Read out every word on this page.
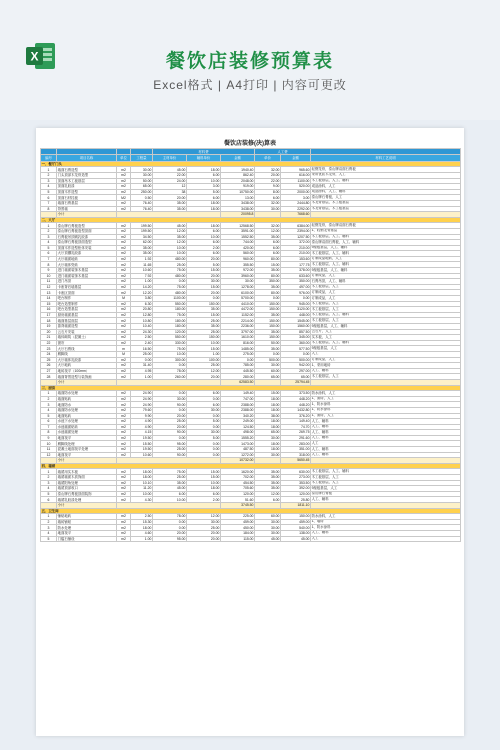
X	餐饮店装修预算表
Excel格式 | A4打印 | 内容可更改
餐饮店装修(决)算表
				材料费			人工费		
编号	项目名称	单位	工程量	主材单价	辅料单价	金额	单价	金额	材料工艺说明
一、餐厅门头									
1	墙面石膏造型	m2	30.00	45.00	18.00	1940.40	32.00	965.60	轻钢龙骨，泰山牌双面石膏板
2	门头顶部木龙骨造型	m2	30.00	22.00	6.00	862.40	20.00	616.00	采用优质木龙骨，人工
3	顶面吊木工板基层	m2	50.00	24.00	10.00	2048.00	22.00	1100.00	木工板基层，人工、辅料
4	顶面乳胶漆	m2	65.00	12	3.00	919.00	9.00	520.00	成品涂料，人工
5	顶面木作造型	m2	250.00	38	5.00	10750.00	8.00	2000.00	成品涂料，人工、辅料
6	顶面石材挂板	M2	0.50	20.00	6.00	13.00	6.00	3.00	泰山牌石膏板，人工
7	墙面石膏基层	m2	76.40	35.00	18.00	3438.00	32.00	2444.80	木龙骨基层，木工板基层
8	背景墙	m2	76.40	35.00	18.00	3438.00	30.00	2292.00	木龙骨基层，木工板基层
	小计					20095.8		7668.60	
二、大厅									
1	泰山牌石膏板造型	m2	199.50	45.00	18.00	12568.50	32.00	6384.00	轻钢龙骨，泰山牌双面石膏板
2	泰山牌石膏板造型顶面	m2	199.50	12.00	6.00	3591.00	12.00	2394.00	1、轻钢龙骨基层
3	石膏板吊顶刷乳胶漆	m2	34.50	35.00	10.00	1552.50	35.00	1207.50	木工板基层，人工、辅料
4	泰山牌石膏板顶面造型	m2	62.00	12.00	6.00	744.00	6.00	372.00	泰山牌双面石膏板，人工、辅料
5	顶面木作造型柜体安装	m2	35.00	10.00	2.00	420.00	6.00	210.00	9厘板基层，人工、辅料
6	大厅顶棚乳胶漆	m2	35.00	10.00	6.00	560.00	6.00	210.00	木工板基层，人工、辅料
7	大厅墙面地砖	m2	1.92	480.00	20.00	960.00	80.00	153.60	订制成品地砖，人工
8	大厅墙体瓷砖	m2	11.65	25.00	5.00	355.50	15.00	177.75	木工板基层，人工、辅料
9	进门墙面装饰木基层	m2	10.60	75.00	15.00	972.00	35.00	378.00	9厘板基层，人工、辅料
10	进门墙面装饰木基层	m2	7.92	480.00	20.00	3960.00	80.00	633.60	订制成品，人工
11	进门吊顶	m2	1.00	0.00	30.00	30.00	350.00	350.00	石膏吊顶，人工、辅料
12	卡座背后墙基层	m2	14.20	75.00	15.00	1278.00	35.00	497.00	木工板基层，人工
13	卡座区顶面	m2	12.20	480.00	20.00	6100.00	80.00	976.00	订制成品，人工
14	吧台制作	M	3.80	1100.00	0.00	5700.00	0.00	0.00	订制成品，人工
15	吧台造型制作	m2	6.30	550.00	150.00	4410.00	150.00	945.00	木工板基层，人工
16	吧台造型基层	m2	20.80	180.00	35.00	4472.00	150.00	3120.00	木工板基层，人工
17	厨房墙面基层	m2	12.80	75.00	15.00	1152.00	35.00	448.00	木工板基层，人工、辅料
18	墙面基层面层	m2	10.80	180.00	25.00	2214.00	150.00	1545.00	木工板基层，人工
19	靠背墙面造型	m2	10.40	180.00	35.00	2236.00	150.00	1560.00	9厘板基层，人工、辅料
20	云石片安装	m2	24.30	120.00	25.00	3797.00	35.00	857.50	云石片，人工
21	墙体砌筑（混凝土）	m2	2.50	550.00	150.00	1610.00	150.00	345.00	实木板，人工
22	窗帘	m2	2.40	330.00	10.00	816.00	50.00	360.00	木工板基层，人工、辅料
23	大厅石膏线	m	16.50	75.00	15.00	1485.00	35.00	577.50	9厘板基层，人工
24	踢脚线	M	25.00	10.00	1.00	275.00	0.00	0.00	人工
25	大厅墙体乳胶漆	m2	0.00	300.00	100.00	0.00	500.00	500.00	订制成品，人工
26	大厅地砖	m2	31.40	0.00	25.00	785.00	30.00	942.00	1、采用地砖
27	地砖找平（100mm）	m2	4.95	78.00	12.00	445.50	60.00	297.00	人工、辅料
28	墙面背景造型与装饰画	m2	1.00	260.00	20.00	280.00	65.00	65.00	木工板基层，人工
	小计					62583.50		25794.45	
三、厨房									
1	墙面防水处理	m2	24.90	0.00	6.00	149.40	15.00	373.50	防水涂料，人工
2	墙面贴砖	m2	24.90	30.00	0.00	747.00	18.00	448.20	1、面砖，人工
3	地面防水	m2	24.90	90.00	6.00	2388.00	18.00	448.20	1、防水涂料
4	墙面防水处理	m2	79.60	0.00	30.00	2388.00	18.00	1432.80	1、防水涂料
5	地面贴砖	m2	9.90	20.00	0.00	340.20	38.00	376.20	1、面砖，人工
6	水池下水处理	m2	4.90	25.00	5.00	249.00	18.00	149.40	人工、辅料
7	水池墙面贴砖	m2	4.90	20.00	0.00	124.50	18.00	74.70	人工、辅料
8	水池墙面处理	m2	4.15	90.00	30.00	498.00	65.00	269.75	人工、辅料
9	地面找平	m2	19.50	0.00	5.00	1555.20	30.00	291.60	人工、辅料
10	踢脚线处理	m2	15.50	95.00	0.00	1473.00	18.00	283.00	人工
11	混凝土地面找平处理	m2	19.50	25.00	0.00	487.50	18.00	351.00	人工、辅料
12	地面找平	m2	10.60	90.00	0.00	1272.00	30.00	318.00	人工、辅料
	小计					10732.00		5650.45	
四、墙裙									
1	墙裙用实木板	m2	18.00	75.00	15.00	1620.00	35.00	630.00	木工板基层，人工、辅料
2	墙裙墙面木质饰面	m2	18.00	25.00	15.00	702.00	35.00	273.00	木工板基层，人工
3	墙裙阳角处理	m2	10.10	35.00	10.00	454.50	35.00	353.50	木工板基层，人工
4	墙裙顶部收口	m2	11.20	45.00	18.00	705.60	35.00	392.00	9厘板基层，人工
5	泰山牌石膏板顶面装饰	m2	10.00	6.00	6.00	120.00	12.00	120.00	泰山牌石膏板
6	墙裙乳胶漆处理	m2	4.30	10.00	2.00	51.60	6.00	25.80	人工、辅料
	小计					3745.50		1811.10	
五、卫生间									
1	铺贴地砖	m2	2.50	78.00	12.00	225.00	60.00	150.00	防水涂料，人工
2	墙砖铺贴	m2	15.30	0.00	30.00	459.00	30.00	459.00	1、墙砖
3	防水处理	m2	18.00	0.00	25.00	450.00	30.00	540.00	1、防水涂料
4	地面找平	m2	4.60	20.00	20.00	184.00	30.00	138.00	人工、辅料
5	门槛石铺设	m2	1.00	95.00	20.00	115.00	45.00	45.00	人工
